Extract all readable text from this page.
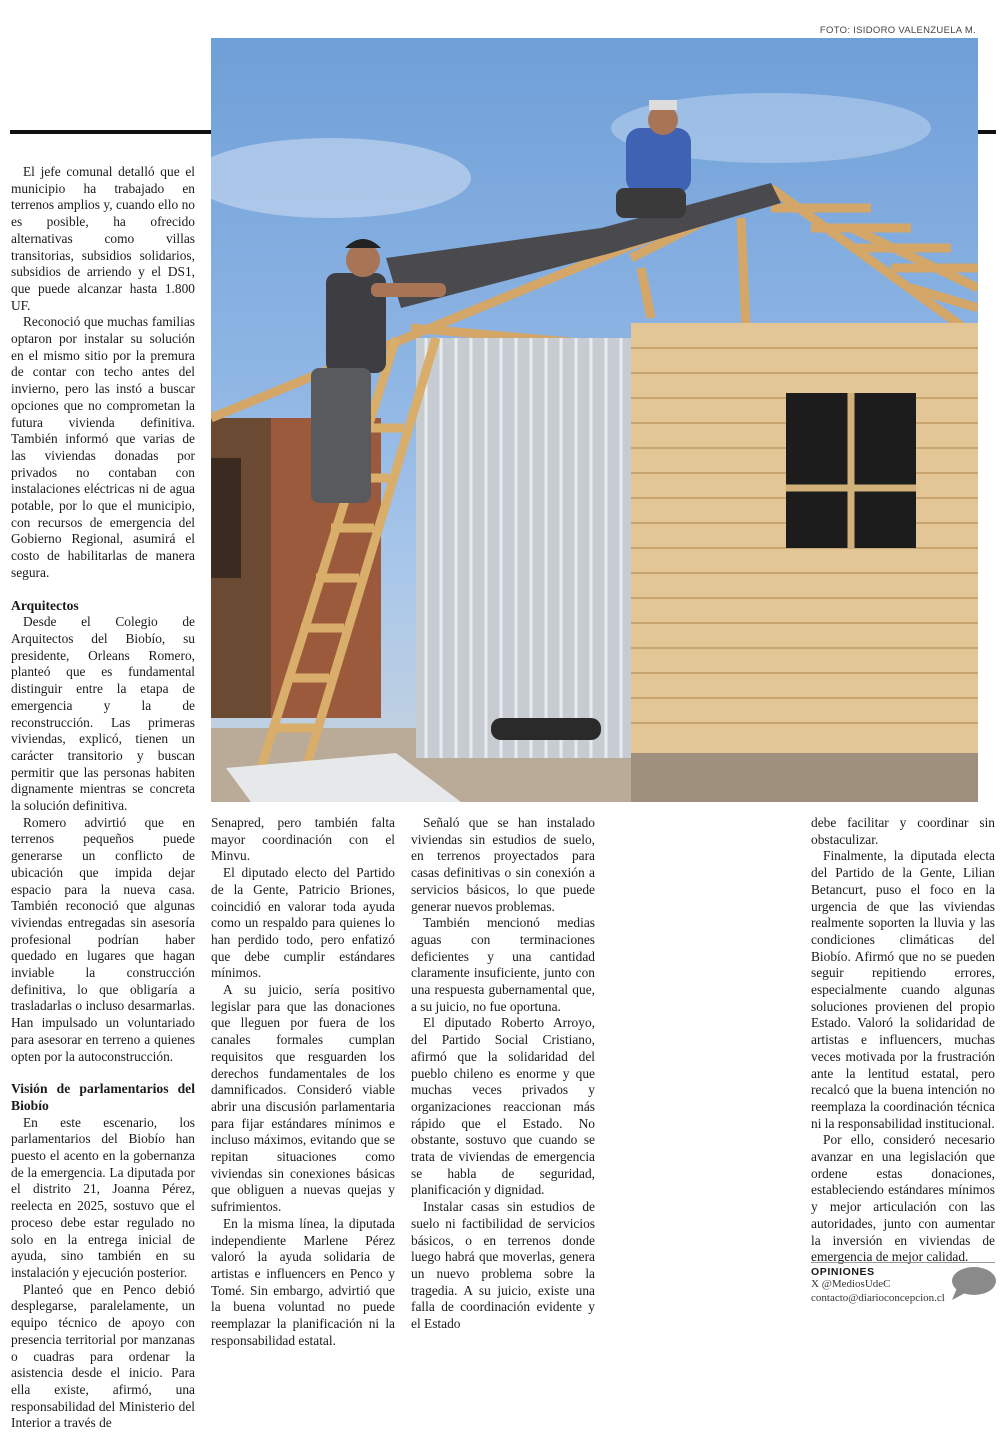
FOTO: ISIDORO VALENZUELA M.

El jefe comunal detalló que el municipio ha trabajado en terrenos amplios y, cuando ello no es posible, ha ofrecido alternativas como villas transitorias, subsidios solidarios, subsidios de arriendo y el DS1, que puede alcanzar hasta 1.800 UF.

Reconoció que muchas familias optaron por instalar su solución en el mismo sitio por la premura de contar con techo antes del invierno, pero las instó a buscar opciones que no comprometan la futura vivienda definitiva. También informó que varias de las viviendas donadas por privados no contaban con instalaciones eléctricas ni de agua potable, por lo que el municipio, con recursos de emergencia del Gobierno Regional, asumirá el costo de habilitarlas de manera segura.

Arquitectos

Desde el Colegio de Arquitectos del Biobío, su presidente, Orleans Romero, planteó que es fundamental distinguir entre la etapa de emergencia y la de reconstrucción. Las primeras viviendas, explicó, tienen un carácter transitorio y buscan permitir que las personas habiten dignamente mientras se concreta la solución definitiva.

Romero advirtió que en terrenos pequeños puede generarse un conflicto de ubicación que impida dejar espacio para la nueva casa. También reconoció que algunas viviendas entregadas sin asesoría profesional podrían haber quedado en lugares que hagan inviable la construcción definitiva, lo que obligaría a trasladarlas o incluso desarmarlas. Han impulsado un voluntariado para asesorar en terreno a quienes opten por la autoconstrucción.

Visión de parlamentarios del Biobío

En este escenario, los parlamentarios del Biobío han puesto el acento en la gobernanza de la emergencia. La diputada por el distrito 21, Joanna Pérez, reelecta en 2025, sostuvo que el proceso debe estar regulado no solo en la entrega inicial de ayuda, sino también en su instalación y ejecución posterior.

Planteó que en Penco debió desplegarse, paralelamente, un equipo técnico de apoyo con presencia territorial por manzanas o cuadras para ordenar la asistencia desde el inicio. Para ella existe, afirmó, una responsabilidad del Ministerio del Interior a través de

Senapred, pero también falta mayor coordinación con el Minvu.

El diputado electo del Partido de la Gente, Patricio Briones, coincidió en valorar toda ayuda como un respaldo para quienes lo han perdido todo, pero enfatizó que debe cumplir estándares mínimos.

A su juicio, sería positivo legislar para que las donaciones que lleguen por fuera de los canales formales cumplan requisitos que resguarden los derechos fundamentales de los damnificados. Consideró viable abrir una discusión parlamentaria para fijar estándares mínimos e incluso máximos, evitando que se repitan situaciones como viviendas sin conexiones básicas que obliguen a nuevas quejas y sufrimientos.

En la misma línea, la diputada independiente Marlene Pérez valoró la ayuda solidaria de artistas e influencers en Penco y Tomé. Sin embargo, advirtió que la buena voluntad no puede reemplazar la planificación ni la responsabilidad estatal.

Señaló que se han instalado viviendas sin estudios de suelo, en terrenos proyectados para casas definitivas o sin conexión a servicios básicos, lo que puede generar nuevos problemas.

También mencionó medias aguas con terminaciones deficientes y una cantidad claramente insuficiente, junto con una respuesta gubernamental que, a su juicio, no fue oportuna.

El diputado Roberto Arroyo, del Partido Social Cristiano, afirmó que la solidaridad del pueblo chileno es enorme y que muchas veces privados y organizaciones reaccionan más rápido que el Estado. No obstante, sostuvo que cuando se trata de viviendas de emergencia se habla de seguridad, planificación y dignidad.

Instalar casas sin estudios de suelo ni factibilidad de servicios básicos, o en terrenos donde luego habrá que moverlas, genera un nuevo problema sobre la tragedia. A su juicio, existe una falla de coordinación evidente y el Estado

debe facilitar y coordinar sin obstaculizar.

Finalmente, la diputada electa del Partido de la Gente, Lilian Betancurt, puso el foco en la urgencia de que las viviendas realmente soporten la lluvia y las condiciones climáticas del Biobío. Afirmó que no se pueden seguir repitiendo errores, especialmente cuando algunas soluciones provienen del propio Estado. Valoró la solidaridad de artistas e influencers, muchas veces motivada por la frustración ante la lentitud estatal, pero recalcó que la buena intención no reemplaza la coordinación técnica ni la responsabilidad institucional.

Por ello, consideró necesario avanzar en una legislación que ordene estas donaciones, estableciendo estándares mínimos y mejor articulación con las autoridades, junto con aumentar la inversión en viviendas de emergencia de mejor calidad.

OPINIONES
X @MediosUdeC
contacto@diarioconcepcion.cl
